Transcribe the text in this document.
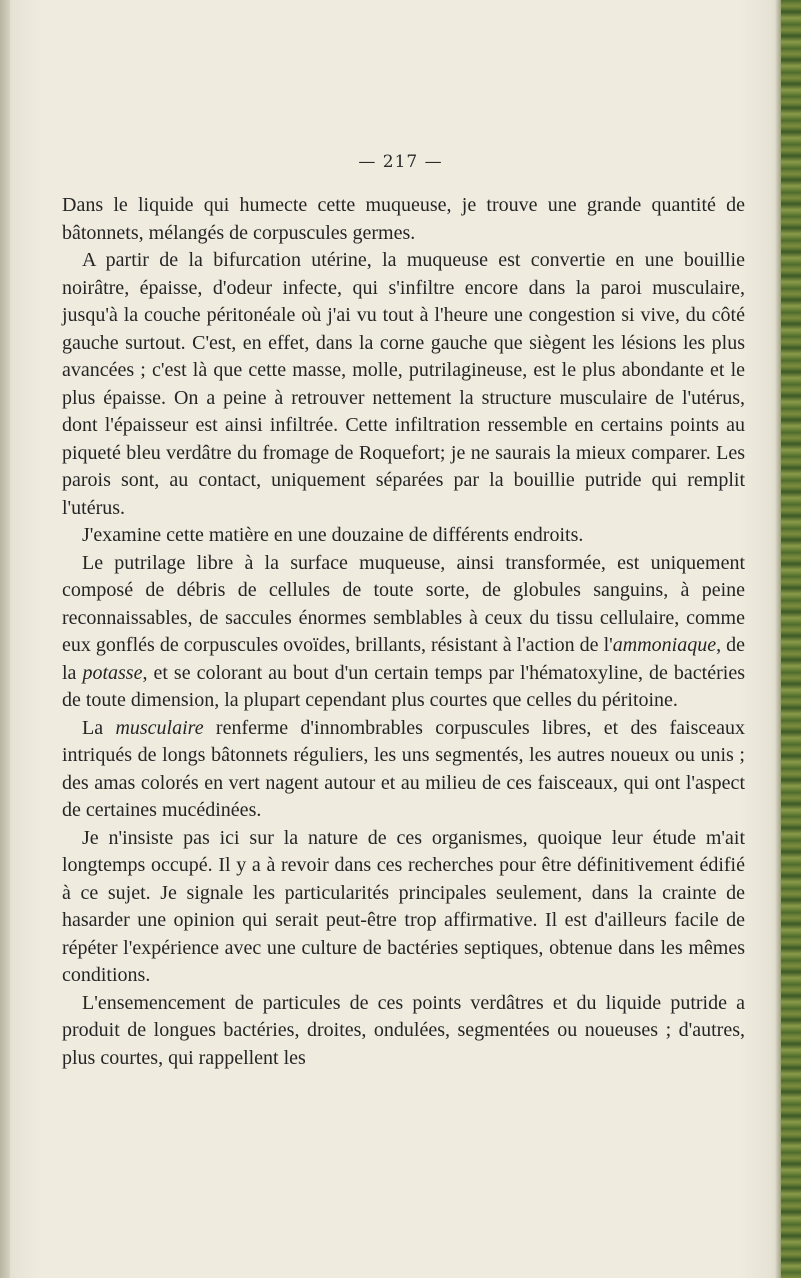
— 217 —

Dans le liquide qui humecte cette muqueuse, je trouve une grande quantité de bâtonnets, mélangés de corpuscules germes.

A partir de la bifurcation utérine, la muqueuse est convertie en une bouillie noirâtre, épaisse, d'odeur infecte, qui s'infiltre encore dans la paroi musculaire, jusqu'à la couche péritonéale où j'ai vu tout à l'heure une congestion si vive, du côté gauche surtout. C'est, en effet, dans la corne gauche que siègent les lésions les plus avancées ; c'est là que cette masse, molle, putrilagineuse, est le plus abondante et le plus épaisse. On a peine à retrouver nettement la structure musculaire de l'utérus, dont l'épaisseur est ainsi infiltrée. Cette infiltration ressemble en certains points au piqueté bleu verdâtre du fromage de Roquefort; je ne saurais la mieux comparer. Les parois sont, au contact, uniquement séparées par la bouillie putride qui remplit l'utérus.

J'examine cette matière en une douzaine de différents endroits.

Le putrilage libre à la surface muqueuse, ainsi transformée, est uniquement composé de débris de cellules de toute sorte, de globules sanguins, à peine reconnaissables, de saccules énormes semblables à ceux du tissu cellulaire, comme eux gonflés de corpuscules ovoïdes, brillants, résistant à l'action de l'ammoniaque, de la potasse, et se colorant au bout d'un certain temps par l'hématoxyline, de bactéries de toute dimension, la plupart cependant plus courtes que celles du péritoine.

La musculaire renferme d'innombrables corpuscules libres, et des faisceaux intriqués de longs bâtonnets réguliers, les uns segmentés, les autres noueux ou unis ; des amas colorés en vert nagent autour et au milieu de ces faisceaux, qui ont l'aspect de certaines mucédinées.

Je n'insiste pas ici sur la nature de ces organismes, quoique leur étude m'ait longtemps occupé. Il y a à revoir dans ces recherches pour être définitivement édifié à ce sujet. Je signale les particularités principales seulement, dans la crainte de hasarder une opinion qui serait peut-être trop affirmative. Il est d'ailleurs facile de répéter l'expérience avec une culture de bactéries septiques, obtenue dans les mêmes conditions.

L'ensemencement de particules de ces points verdâtres et du liquide putride a produit de longues bactéries, droites, ondulées, segmentées ou noueuses ; d'autres, plus courtes, qui rappellent les
